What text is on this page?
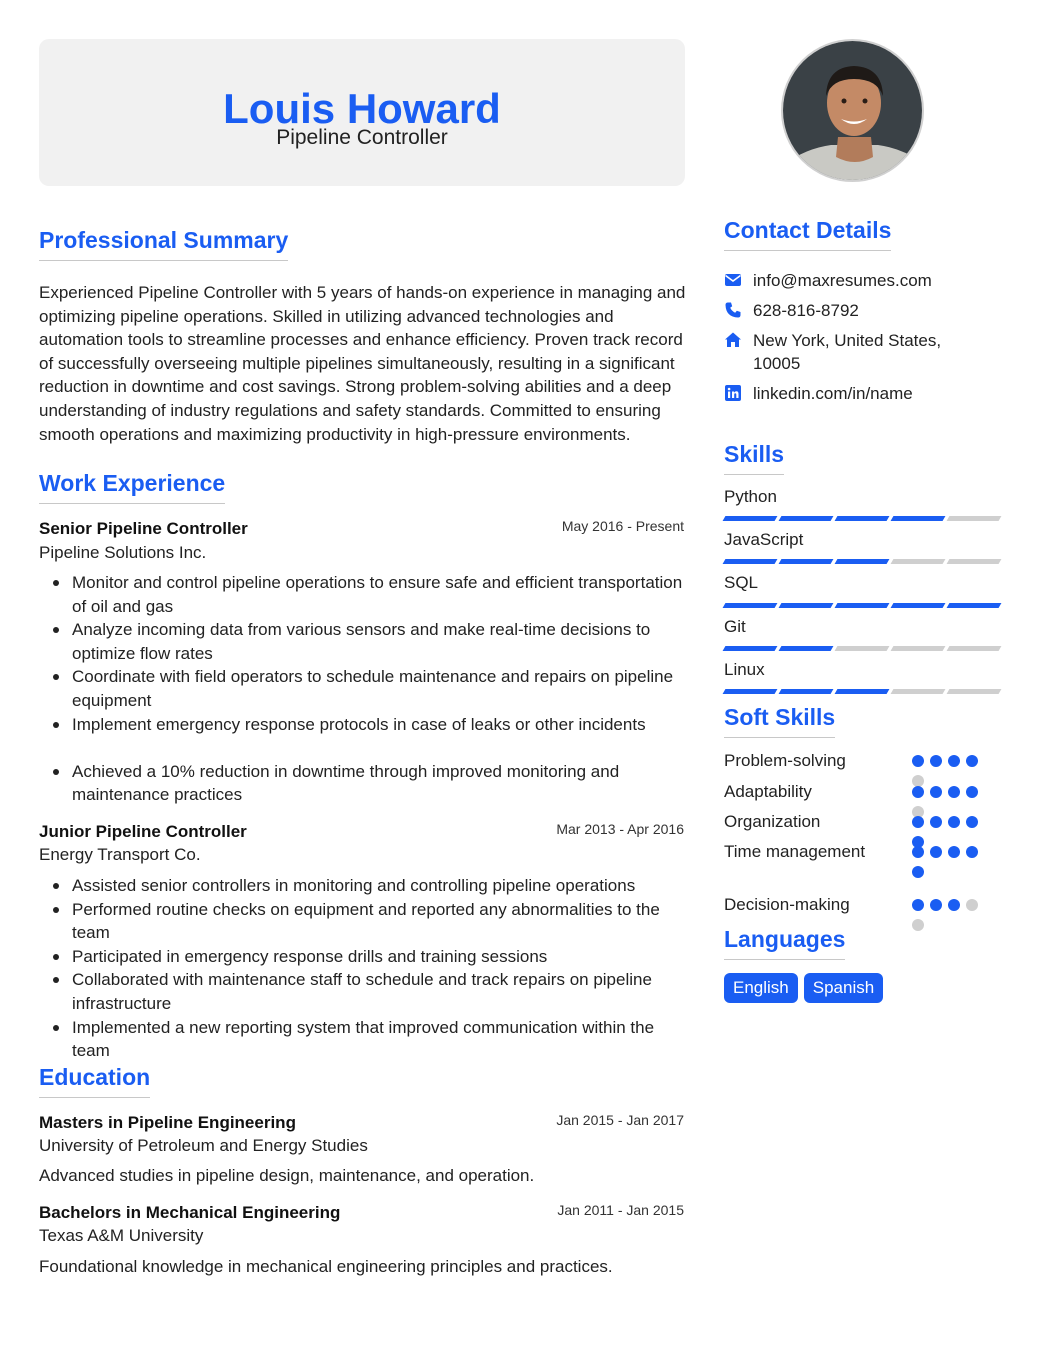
Louis Howard
Pipeline Controller
Professional Summary
Experienced Pipeline Controller with 5 years of hands-on experience in managing and optimizing pipeline operations. Skilled in utilizing advanced technologies and automation tools to streamline processes and enhance efficiency. Proven track record of successfully overseeing multiple pipelines simultaneously, resulting in a significant reduction in downtime and cost savings. Strong problem-solving abilities and a deep understanding of industry regulations and safety standards. Committed to ensuring smooth operations and maximizing productivity in high-pressure environments.
Work Experience
Senior Pipeline Controller	May 2016 - Present
Pipeline Solutions Inc.
Monitor and control pipeline operations to ensure safe and efficient transportation of oil and gas
Analyze incoming data from various sensors and make real-time decisions to optimize flow rates
Coordinate with field operators to schedule maintenance and repairs on pipeline equipment
Implement emergency response protocols in case of leaks or other incidents
Achieved a 10% reduction in downtime through improved monitoring and maintenance practices
Junior Pipeline Controller	Mar 2013 - Apr 2016
Energy Transport Co.
Assisted senior controllers in monitoring and controlling pipeline operations
Performed routine checks on equipment and reported any abnormalities to the team
Participated in emergency response drills and training sessions
Collaborated with maintenance staff to schedule and track repairs on pipeline infrastructure
Implemented a new reporting system that improved communication within the team
Education
Masters in Pipeline Engineering	Jan 2015 - Jan 2017
University of Petroleum and Energy Studies
Advanced studies in pipeline design, maintenance, and operation.
Bachelors in Mechanical Engineering	Jan 2011 - Jan 2015
Texas A&M University
Foundational knowledge in mechanical engineering principles and practices.
Contact Details
info@maxresumes.com
628-816-8792
New York, United States, 10005
linkedin.com/in/name
Skills
Python
JavaScript
SQL
Git
Linux
Soft Skills
Problem-solving
Adaptability
Organization
Time management
Decision-making
Languages
English	Spanish
